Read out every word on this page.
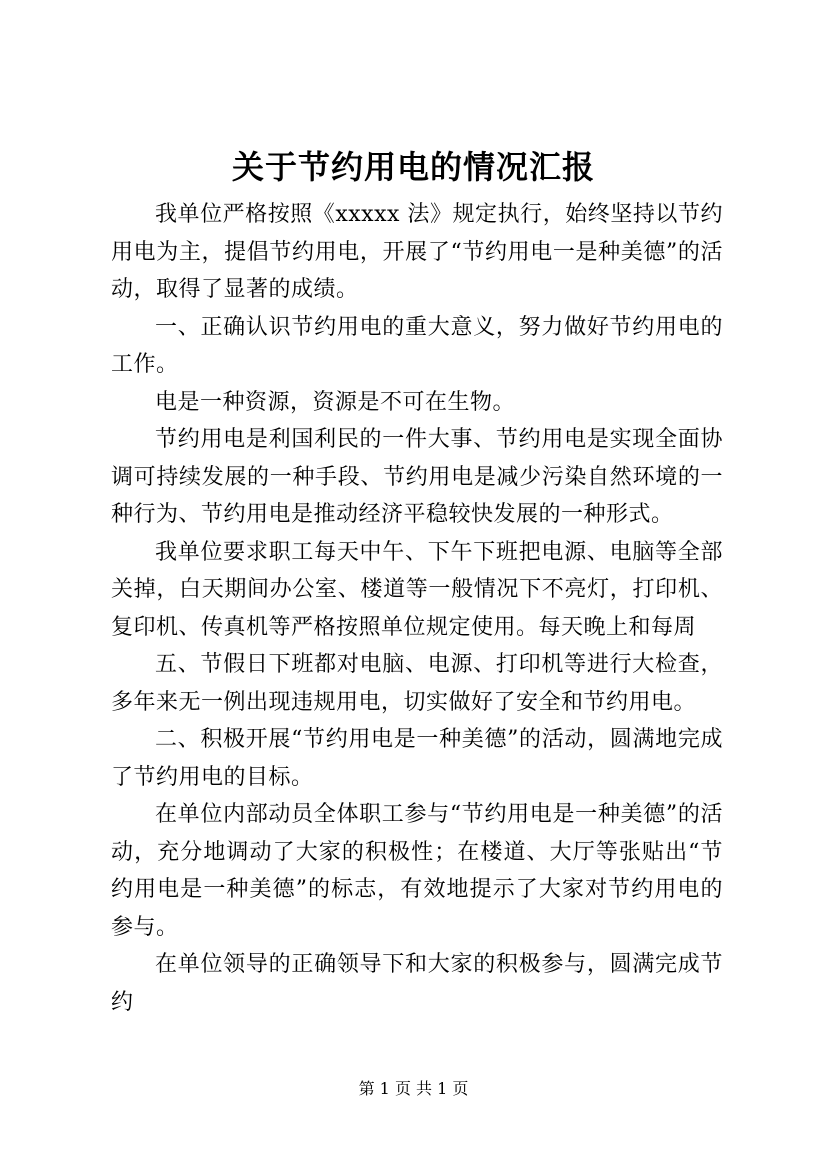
关于节约用电的情况汇报

我单位严格按照《xxxxx 法》规定执行，始终坚持以节约用电为主，提倡节约用电，开展了“节约用电一是种美德”的活动，取得了显著的成绩。

一、正确认识节约用电的重大意义，努力做好节约用电的工作。

电是一种资源，资源是不可在生物。

节约用电是利国利民的一件大事、节约用电是实现全面协调可持续发展的一种手段、节约用电是减少污染自然环境的一种行为、节约用电是推动经济平稳较快发展的一种形式。

我单位要求职工每天中午、下午下班把电源、电脑等全部关掉，白天期间办公室、楼道等一般情况下不亮灯，打印机、复印机、传真机等严格按照单位规定使用。每天晚上和每周

五、节假日下班都对电脑、电源、打印机等进行大检查，多年来无一例出现违规用电，切实做好了安全和节约用电。

二、积极开展“节约用电是一种美德”的活动，圆满地完成了节约用电的目标。

在单位内部动员全体职工参与“节约用电是一种美德”的活动，充分地调动了大家的积极性；在楼道、大厅等张贴出“节约用电是一种美德”的标志，有效地提示了大家对节约用电的参与。

在单位领导的正确领导下和大家的积极参与，圆满完成节约

第 1 页 共 1 页
